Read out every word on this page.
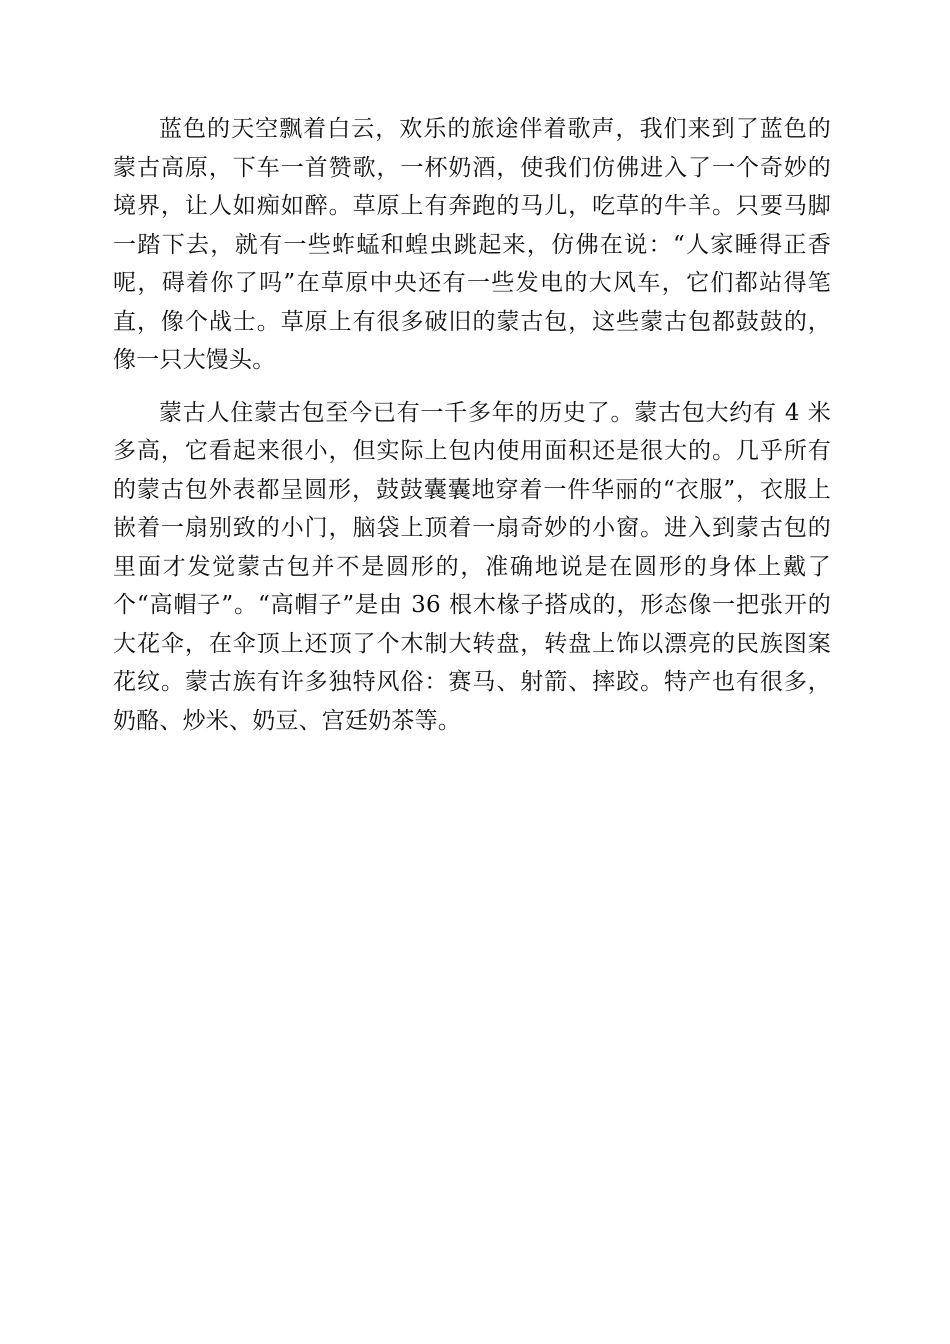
蓝色的天空飘着白云，欢乐的旅途伴着歌声，我们来到了蓝色的蒙古高原，下车一首赞歌，一杯奶酒，使我们仿佛进入了一个奇妙的境界，让人如痴如醉。草原上有奔跑的马儿，吃草的牛羊。只要马脚一踏下去，就有一些蚱蜢和蝗虫跳起来，仿佛在说：“人家睡得正香呢，碍着你了吗”在草原中央还有一些发电的大风车，它们都站得笔直，像个战士。草原上有很多破旧的蒙古包，这些蒙古包都鼓鼓的，像一只大馒头。

蒙古人住蒙古包至今已有一千多年的历史了。蒙古包大约有 4 米多高，它看起来很小，但实际上包内使用面积还是很大的。几乎所有的蒙古包外表都呈圆形，鼓鼓囊囊地穿着一件华丽的“衣服”，衣服上嵌着一扇别致的小门，脑袋上顶着一扇奇妙的小窗。进入到蒙古包的里面才发觉蒙古包并不是圆形的，准确地说是在圆形的身体上戴了个“高帽子”。“高帽子”是由 36 根木椽子搭成的，形态像一把张开的大花伞，在伞顶上还顶了个木制大转盘，转盘上饰以漂亮的民族图案花纹。蒙古族有许多独特风俗：赛马、射箭、摔跤。特产也有很多，奶酪、炒米、奶豆、宫廷奶茶等。
